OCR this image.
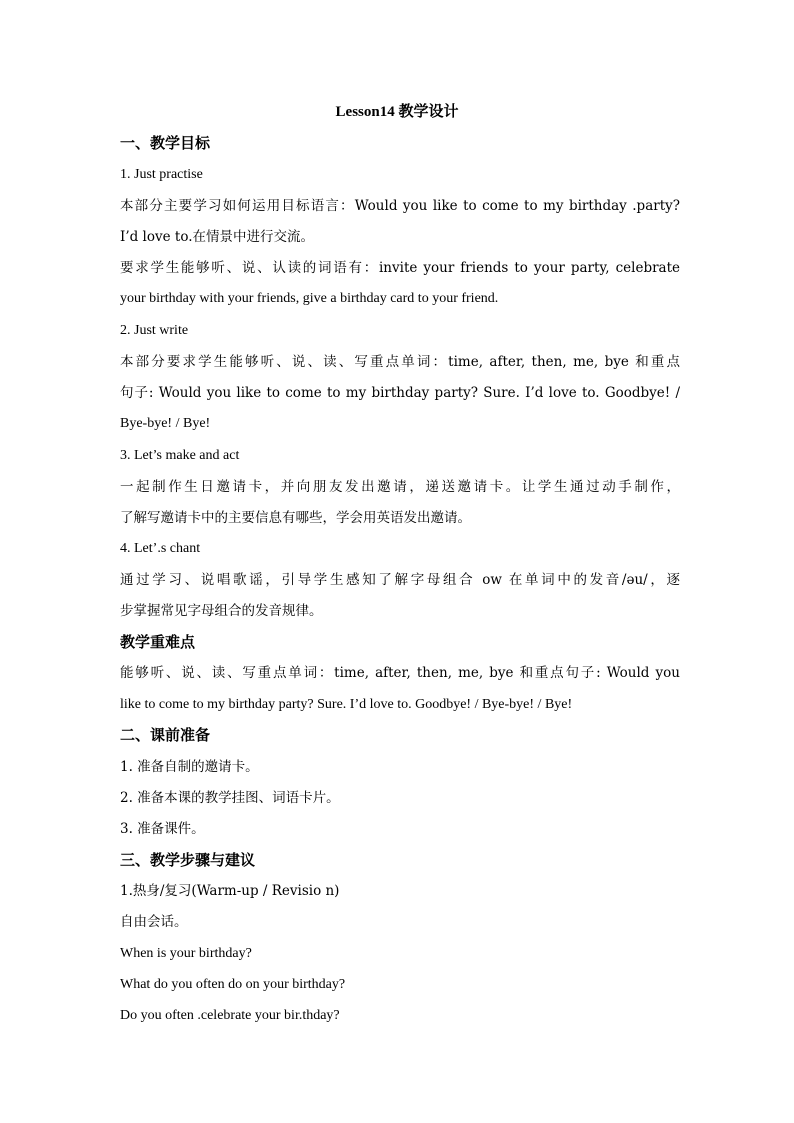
Lesson14 教学设计
一、教学目标
1. Just practise
本部分主要学习如何运用目标语言：Would you like to come to my birthday .party?
I’d love to.在情景中进行交流。
要求学生能够听、说、认读的词语有：invite your friends to your party, celebrate
your birthday with your friends, give a birthday card to your friend.
2. Just write
本部分要求学生能够听、说、读、写重点单词：time, after, then, me, bye 和重点
句子: Would you like to come to my birthday party? Sure. I’d love to. Goodbye! /
Bye-bye! / Bye!
3. Let’s make and act
一起制作生日邀请卡，并向朋友发出邀请，递送邀请卡。让学生通过动手制作，
了解写邀请卡中的主要信息有哪些，学会用英语发出邀请。
4. Let’.s chant
通过学习、说唱歌谣，引导学生感知了解字母组合 ow 在单词中的发音/əu/，逐
步掌握常见字母组合的发音规律。
教学重难点
能够听、说、读、写重点单词：time, after, then, me, bye 和重点句子: Would you
like to come to my birthday party? Sure. I’d love to. Goodbye! / Bye-bye! / Bye!
二、课前准备
1. 准备自制的邀请卡。
2. 准备本课的教学挂图、词语卡片。
3. 准备课件。
三、教学步骤与建议
1.热身/复习(Warm-up / Revisio n)
自由会话。
When is your birthday?
What do you often do on your birthday?
Do you often .celebrate your bir.thday?
